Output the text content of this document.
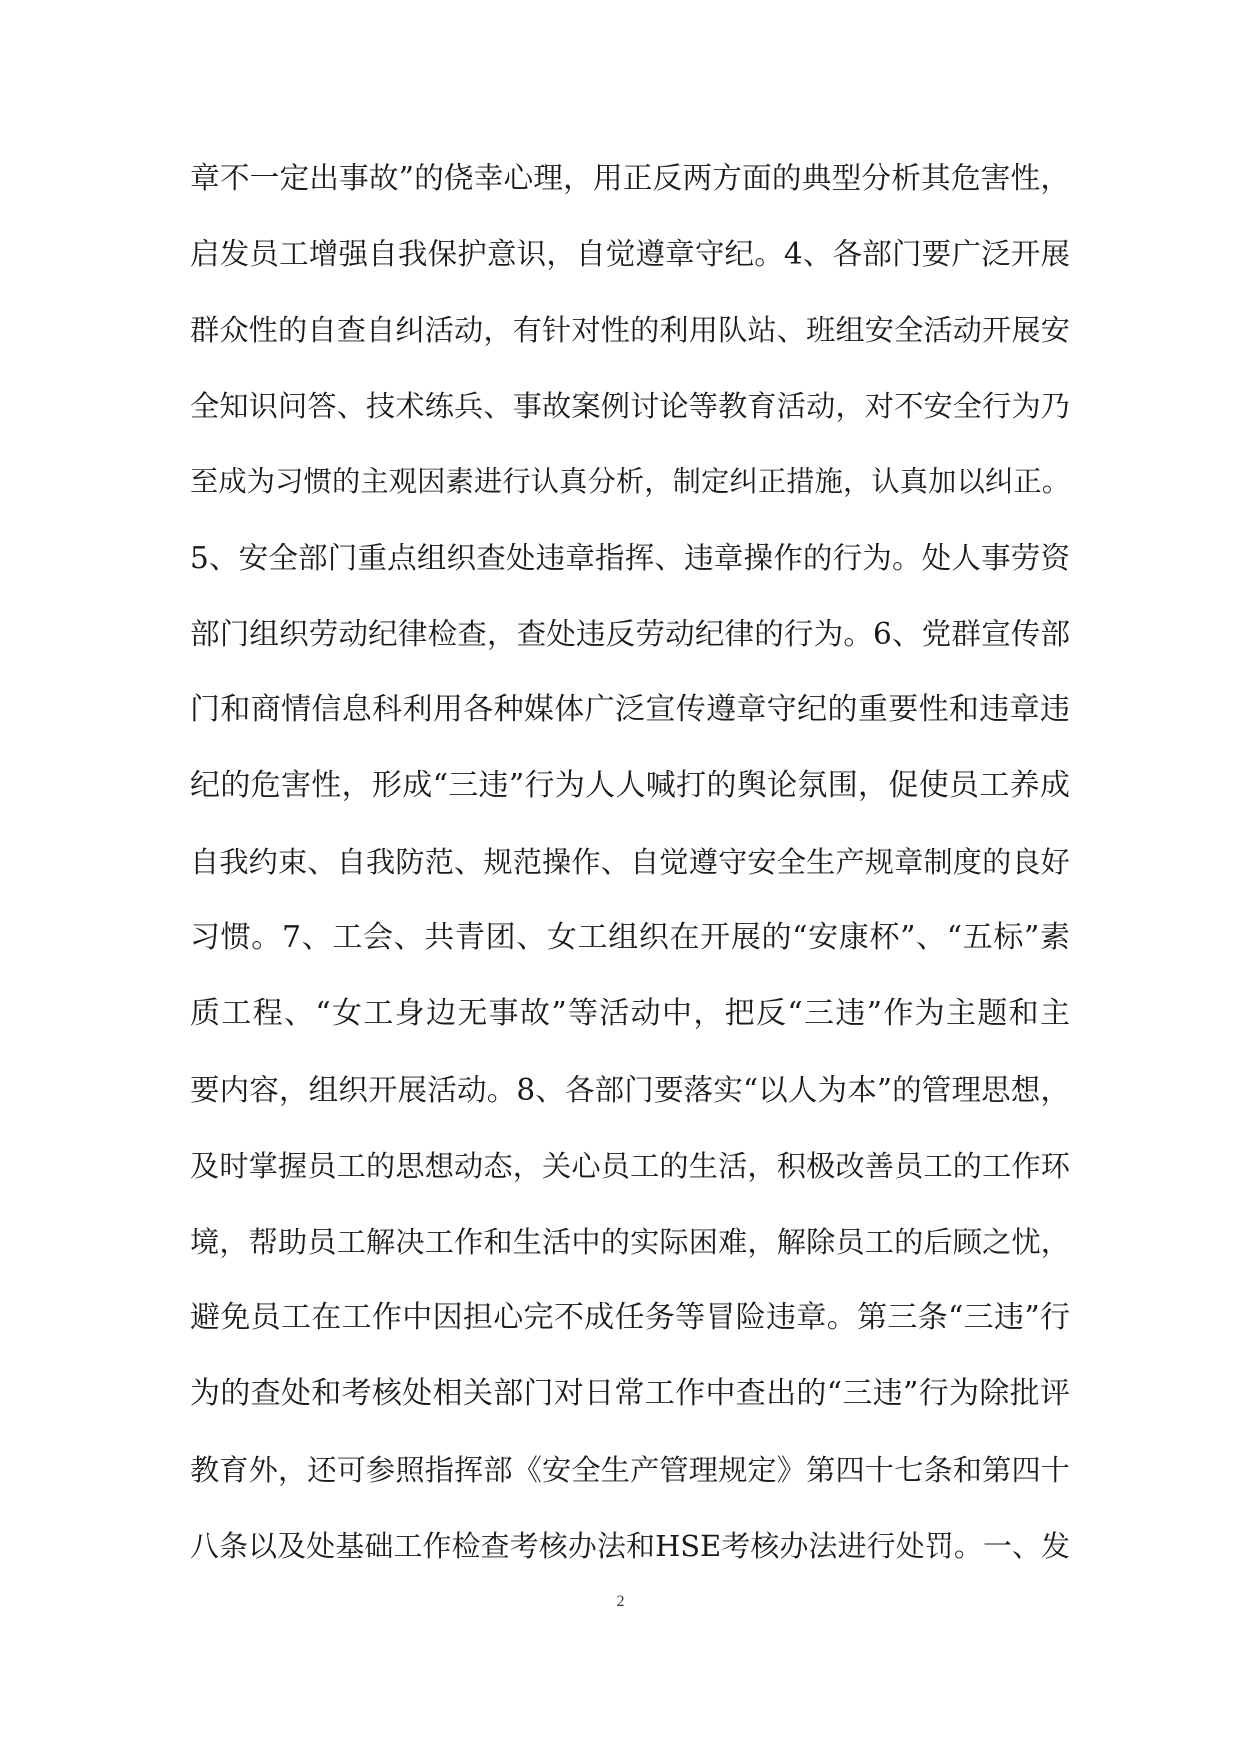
章不一定出事故”的侥幸心理，用正反两方面的典型分析其危害性，
启发员工增强自我保护意识，自觉遵章守纪。4、各部门要广泛开展
群众性的自查自纠活动，有针对性的利用队站、班组安全活动开展安
全知识问答、技术练兵、事故案例讨论等教育活动，对不安全行为乃
至成为习惯的主观因素进行认真分析，制定纠正措施，认真加以纠正。
5、安全部门重点组织查处违章指挥、违章操作的行为。处人事劳资
部门组织劳动纪律检查，查处违反劳动纪律的行为。6、党群宣传部
门和商情信息科利用各种媒体广泛宣传遵章守纪的重要性和违章违
纪的危害性，形成“三违”行为人人喊打的舆论氛围，促使员工养成
自我约束、自我防范、规范操作、自觉遵守安全生产规章制度的良好
习惯。7、工会、共青团、女工组织在开展的“安康杯”、“五标”素
质工程、“女工身边无事故”等活动中，把反“三违”作为主题和主
要内容，组织开展活动。8、各部门要落实“以人为本”的管理思想，
及时掌握员工的思想动态，关心员工的生活，积极改善员工的工作环
境，帮助员工解决工作和生活中的实际困难，解除员工的后顾之忧，
避免员工在工作中因担心完不成任务等冒险违章。第三条“三违”行
为的查处和考核处相关部门对日常工作中查出的“三违”行为除批评
教育外，还可参照指挥部《安全生产管理规定》第四十七条和第四十
八条以及处基础工作检查考核办法和HSE考核办法进行处罚。一、发
2
